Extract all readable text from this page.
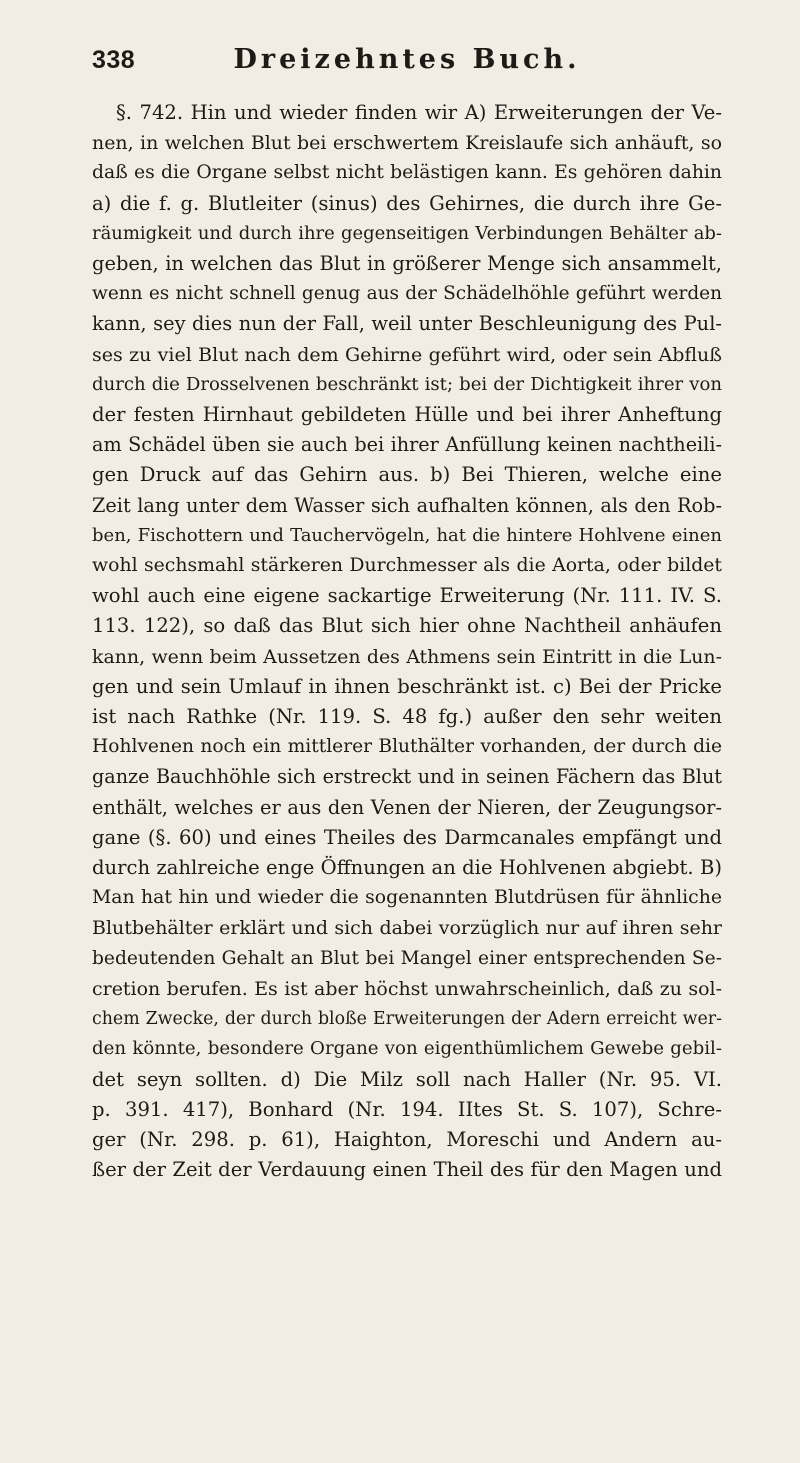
338	Dreizehntes Buch.
§. 742. Hin und wieder finden wir A) Erweiterungen der Ve-
nen, in welchen Blut bei erschwertem Kreislaufe sich anhäuft, so
daß es die Organe selbst nicht belästigen kann. Es gehören dahin
a) die f. g. Blutleiter (sinus) des Gehirnes, die durch ihre Ge-
räumigkeit und durch ihre gegenseitigen Verbindungen Behälter ab-
geben, in welchen das Blut in größerer Menge sich ansammelt,
wenn es nicht schnell genug aus der Schädelhöhle geführt werden
kann, sey dies nun der Fall, weil unter Beschleunigung des Pul-
ses zu viel Blut nach dem Gehirne geführt wird, oder sein Abfluß
durch die Drosselvenen beschränkt ist; bei der Dichtigkeit ihrer von
der festen Hirnhaut gebildeten Hülle und bei ihrer Anheftung
am Schädel üben sie auch bei ihrer Anfüllung keinen nachtheili-
gen Druck auf das Gehirn aus. b) Bei Thieren, welche eine
Zeit lang unter dem Wasser sich aufhalten können, als den Rob-
ben, Fischottern und Tauchervögeln, hat die hintere Hohlvene einen
wohl sechsmahl stärkeren Durchmesser als die Aorta, oder bildet
wohl auch eine eigene sackartige Erweiterung (Nr. 111. IV. S.
113. 122), so daß das Blut sich hier ohne Nachtheil anhäufen
kann, wenn beim Aussetzen des Athmens sein Eintritt in die Lun-
gen und sein Umlauf in ihnen beschränkt ist. c) Bei der Pricke
ist nach Rathke (Nr. 119. S. 48 fg.) außer den sehr weiten
Hohlvenen noch ein mittlerer Bluthälter vorhanden, der durch die
ganze Bauchhöhle sich erstreckt und in seinen Fächern das Blut
enthält, welches er aus den Venen der Nieren, der Zeugungsor-
gane (§. 60) und eines Theiles des Darmcanales empfängt und
durch zahlreiche enge Öffnungen an die Hohlvenen abgiebt. B)
Man hat hin und wieder die sogenannten Blutdrüsen für ähnliche
Blutbehälter erklärt und sich dabei vorzüglich nur auf ihren sehr
bedeutenden Gehalt an Blut bei Mangel einer entsprechenden Se-
cretion berufen. Es ist aber höchst unwahrscheinlich, daß zu sol-
chem Zwecke, der durch bloße Erweiterungen der Adern erreicht wer-
den könnte, besondere Organe von eigenthümlichem Gewebe gebil-
det seyn sollten. d) Die Milz soll nach Haller (Nr. 95. VI.
p. 391. 417), Bonhard (Nr. 194. IItes St. S. 107), Schre-
ger (Nr. 298. p. 61), Haighton, Moreschi und Andern au-
ßer der Zeit der Verdauung einen Theil des für den Magen und
